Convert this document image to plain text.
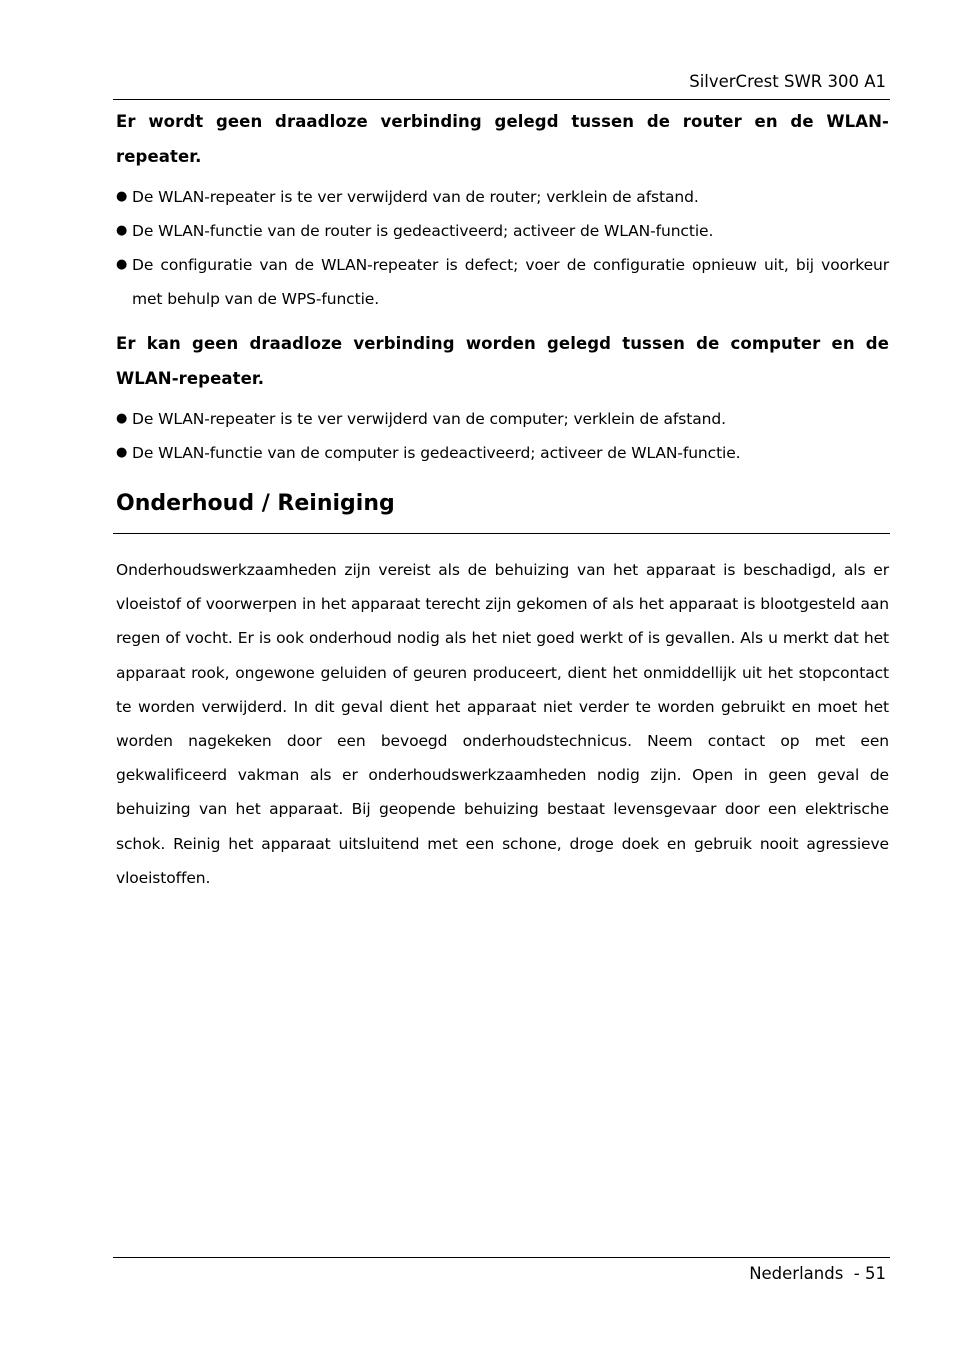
SilverCrest SWR 300 A1

Er wordt geen draadloze verbinding gelegd tussen de router en de WLAN-repeater.

● De WLAN-repeater is te ver verwijderd van de router; verklein de afstand.
● De WLAN-functie van de router is gedeactiveerd; activeer de WLAN-functie.
● De configuratie van de WLAN-repeater is defect; voer de configuratie opnieuw uit, bij voorkeur met behulp van de WPS-functie.

Er kan geen draadloze verbinding worden gelegd tussen de computer en de WLAN-repeater.

● De WLAN-repeater is te ver verwijderd van de computer; verklein de afstand.
● De WLAN-functie van de computer is gedeactiveerd; activeer de WLAN-functie.
Onderhoud / Reiniging

Onderhoudswerkzaamheden zijn vereist als de behuizing van het apparaat is beschadigd, als er vloeistof of voorwerpen in het apparaat terecht zijn gekomen of als het apparaat is blootgesteld aan regen of vocht. Er is ook onderhoud nodig als het niet goed werkt of is gevallen. Als u merkt dat het apparaat rook, ongewone geluiden of geuren produceert, dient het onmiddellijk uit het stopcontact te worden verwijderd. In dit geval dient het apparaat niet verder te worden gebruikt en moet het worden nagekeken door een bevoegd onderhoudstechnicus. Neem contact op met een gekwalificeerd vakman als er onderhoudswerkzaamheden nodig zijn. Open in geen geval de behuizing van het apparaat. Bij geopende behuizing bestaat levensgevaar door een elektrische schok. Reinig het apparaat uitsluitend met een schone, droge doek en gebruik nooit agressieve vloeistoffen.

Nederlands  - 51
